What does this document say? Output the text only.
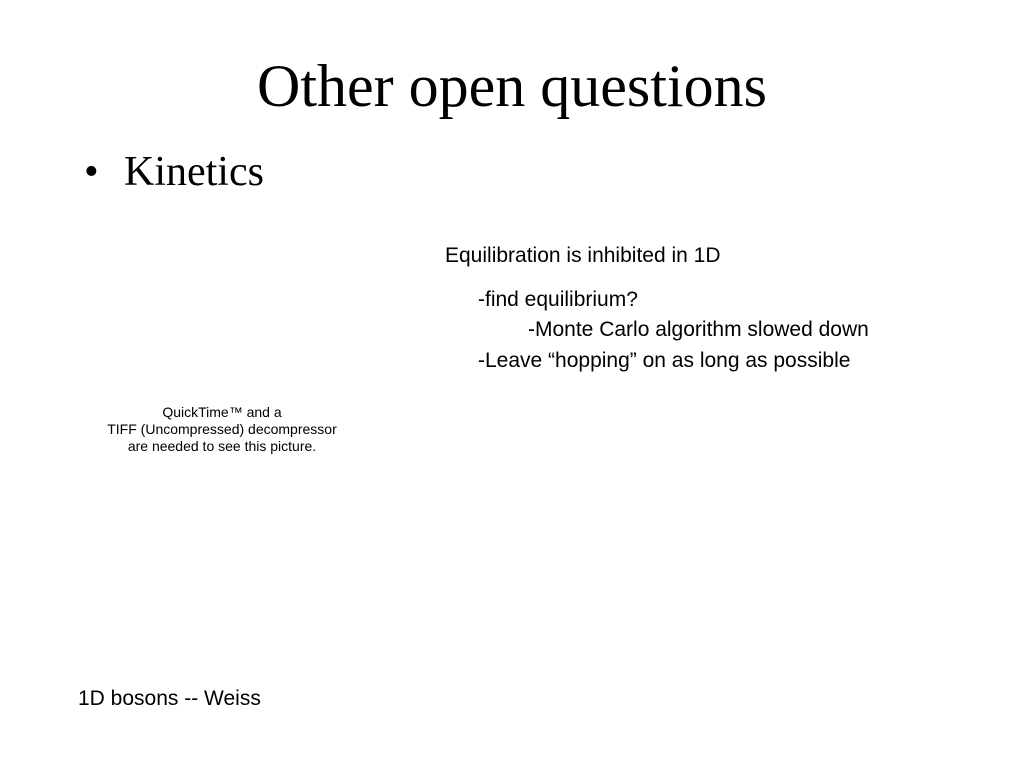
Other open questions
• Kinetics
Equilibration is inhibited in 1D
-find equilibrium?
-Monte Carlo algorithm slowed down
-Leave “hopping” on as long as possible
QuickTime™ and a
TIFF (Uncompressed) decompressor
are needed to see this picture.
1D bosons -- Weiss
